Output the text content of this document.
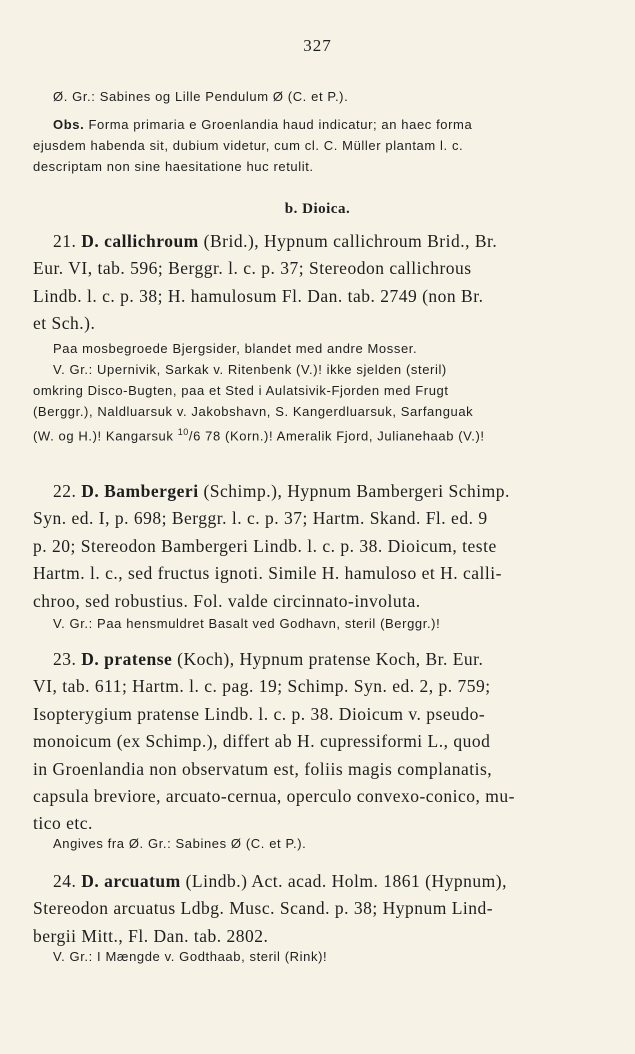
327

Ø. Gr.: Sabines og Lille Pendulum Ø (C. et P.).

Obs. Forma primaria e Groenlandia haud indicatur; an haec forma

ejusdem habenda sit, dubium videtur, cum cl. C. Müller plantam l. c.

descriptam non sine haesitatione huc retulit.

b. Dioica.

21. D. callichroum (Brid.), Hypnum callichroum Brid., Br.

Eur. VI, tab. 596; Berggr. l. c. p. 37; Stereodon callichrous

Lindb. l. c. p. 38; H. hamulosum Fl. Dan. tab. 2749 (non Br.

et Sch.).

Paa mosbegroede Bjergsider, blandet med andre Mosser.

V. Gr.: Upernivik, Sarkak v. Ritenbenk (V.)! ikke sjelden (steril)

omkring Disco-Bugten, paa et Sted i Aulatsivik-Fjorden med Frugt

(Berggr.), Naldluarsuk v. Jakobshavn, S. Kangerdluarsuk, Sarfanguak

(W. og H.)! Kangarsuk $^{10}$/6 78 (Korn.)! Ameralik Fjord, Julianehaab (V.)!

22. D. Bambergeri (Schimp.), Hypnum Bambergeri Schimp.

Syn. ed. I, p. 698; Berggr. l. c. p. 37; Hartm. Skand. Fl. ed. 9

p. 20; Stereodon Bambergeri Lindb. l. c. p. 38. Dioicum, teste

Hartm. l. c., sed fructus ignoti. Simile H. hamuloso et H. calli-

chroo, sed robustius. Fol. valde circinnato-involuta.

V. Gr.: Paa hensmuldret Basalt ved Godhavn, steril (Berggr.)!

23. D. pratense (Koch), Hypnum pratense Koch, Br. Eur.

VI, tab. 611; Hartm. l. c. pag. 19; Schimp. Syn. ed. 2, p. 759;

Isopterygium pratense Lindb. l. c. p. 38. Dioicum v. pseudo-

monoicum (ex Schimp.), differt ab H. cupressiformi L., quod

in Groenlandia non observatum est, foliis magis complanatis,

capsula breviore, arcuato-cernua, operculo convexo-conico, mu-

tico etc.

Angives fra Ø. Gr.: Sabines Ø (C. et P.).

24. D. arcuatum (Lindb.) Act. acad. Holm. 1861 (Hypnum),

Stereodon arcuatus Ldbg. Musc. Scand. p. 38; Hypnum Lind-

bergii Mitt., Fl. Dan. tab. 2802.

V. Gr.: I Mængde v. Godthaab, steril (Rink)!
